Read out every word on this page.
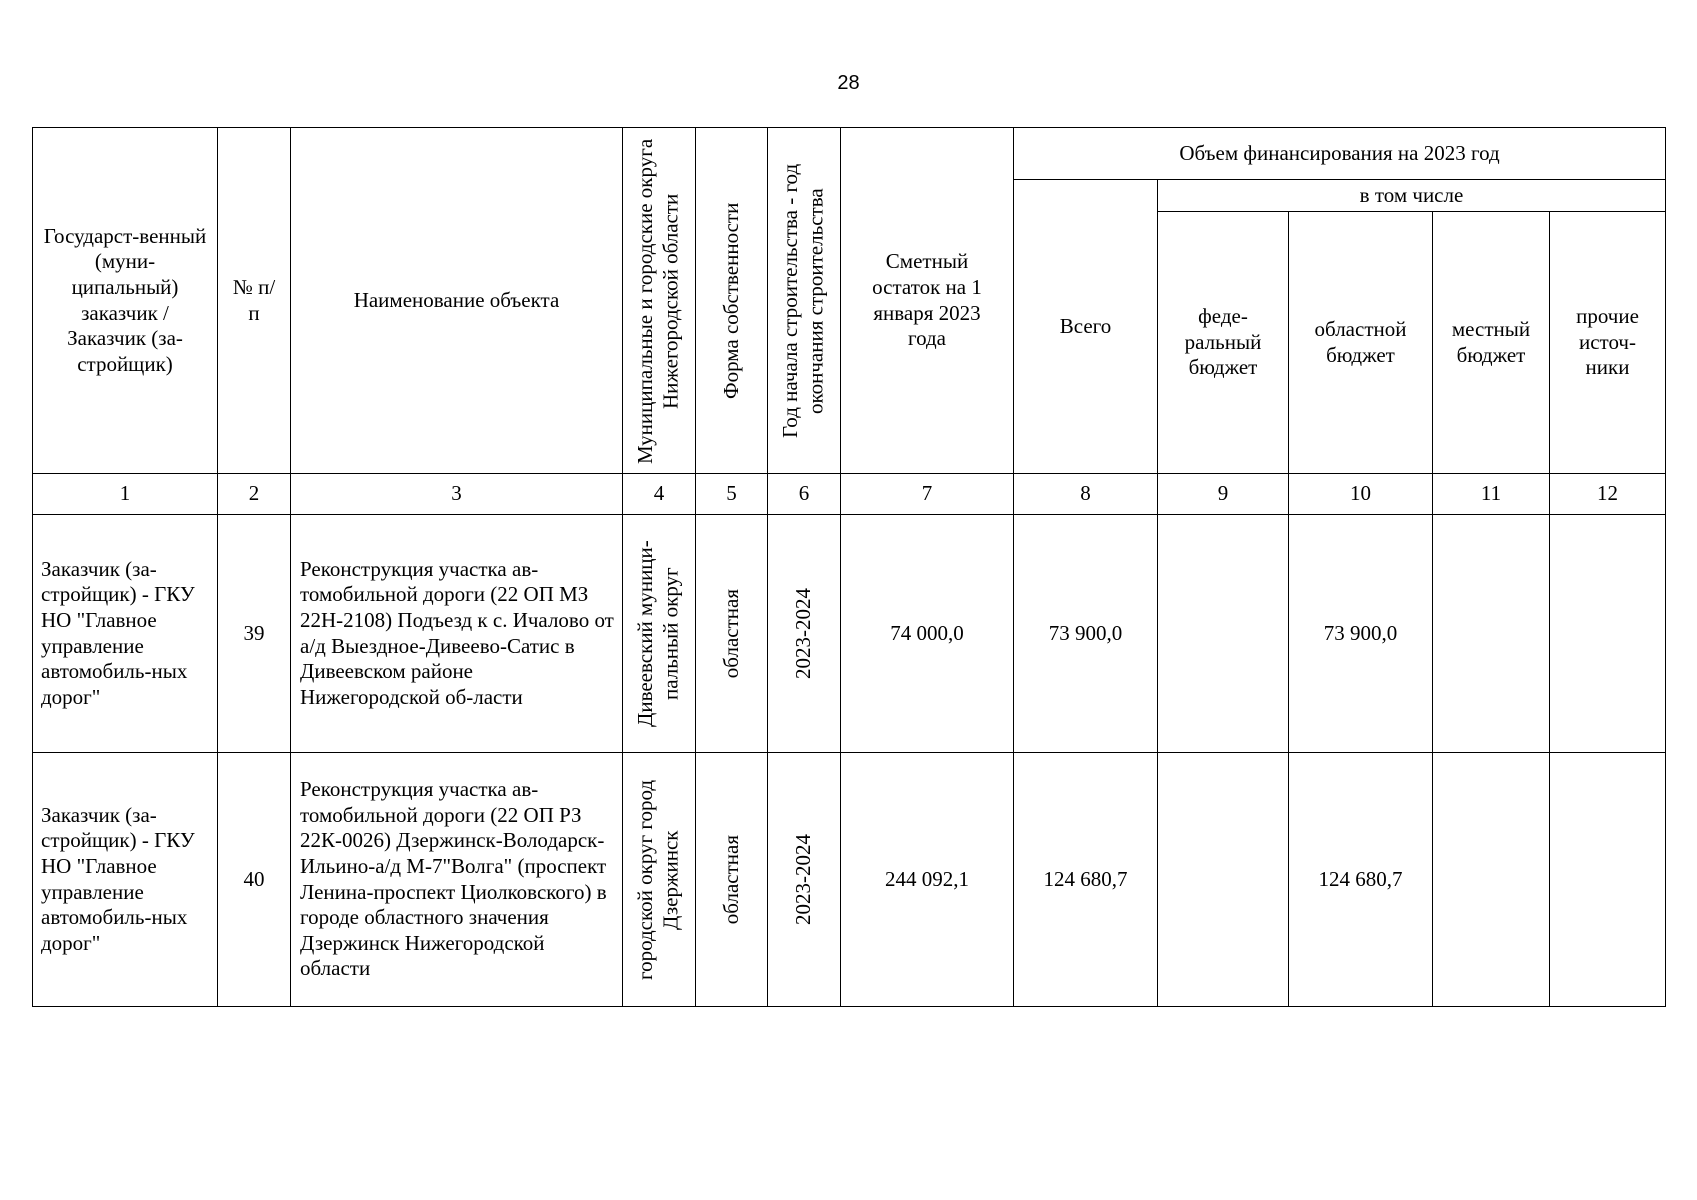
28
Государст-венный (муни-ципальный) заказчик / Заказчик (за-стройщик)	№ п/п	Наименование объекта	Муниципальные и городские округа Нижегородской области	Форма собственности	Год начала строительства - год окончания строительства	Сметный остаток на 1 января 2023 года	Объем финансирования на 2023 год				
							Всего	в том числе			

								феде-ральный бюджет	областной бюджет	местный бюджет	прочие источ-ники

1	2	3	4	5	6	7	8	9	10	11	12
Заказчик (за-стройщик) - ГКУ НО "Главное управление автомобиль-ных дорог"	39	Реконструкция участка ав-томобильной дороги (22 ОП МЗ 22Н-2108) Подъезд к с. Ичалово от а/д Выездное-Дивеево-Сатис в Дивеевском районе Нижегородской об-ласти	Дивеевский муници-пальный округ	областная	2023-2024	74 000,0	73 900,0		73 900,0		
Заказчик (за-стройщик) - ГКУ НО "Главное управление автомобиль-ных дорог"	40	Реконструкция участка ав-томобильной дороги (22 ОП РЗ 22К-0026) Дзержинск-Володарск-Ильино-а/д М-7"Волга" (проспект Ленина-проспект Циолковского) в городе областного значения Дзержинск Нижегородской области	городской округ город Дзержинск	областная	2023-2024	244 092,1	124 680,7		124 680,7		
